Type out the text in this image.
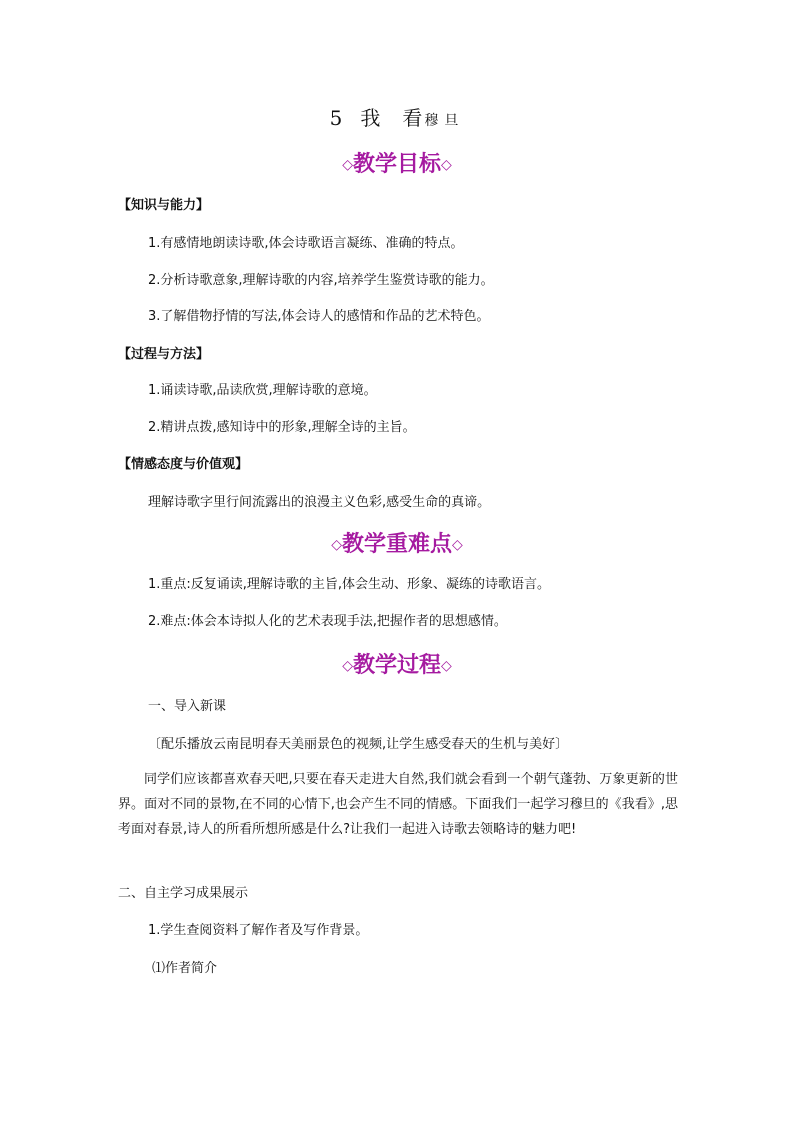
5 我 看 穆旦
◇教学目标◇
【知识与能力】
1.有感情地朗读诗歌,体会诗歌语言凝练、准确的特点。
2.分析诗歌意象,理解诗歌的内容,培养学生鉴赏诗歌的能力。
3.了解借物抒情的写法,体会诗人的感情和作品的艺术特色。
【过程与方法】
1.诵读诗歌,品读欣赏,理解诗歌的意境。
2.精讲点拨,感知诗中的形象,理解全诗的主旨。
【情感态度与价值观】
理解诗歌字里行间流露出的浪漫主义色彩,感受生命的真谛。
◇教学重难点◇
1.重点:反复诵读,理解诗歌的主旨,体会生动、形象、凝练的诗歌语言。
2.难点:体会本诗拟人化的艺术表现手法,把握作者的思想感情。
◇教学过程◇
一、导入新课
〔配乐播放云南昆明春天美丽景色的视频,让学生感受春天的生机与美好〕
同学们应该都喜欢春天吧,只要在春天走进大自然,我们就会看到一个朝气蓬勃、万象更新的世界。面对不同的景物,在不同的心情下,也会产生不同的情感。下面我们一起学习穆旦的《我看》,思考面对春景,诗人的所看所想所感是什么?让我们一起进入诗歌去领略诗的魅力吧!
二、自主学习成果展示
1.学生查阅资料了解作者及写作背景。
⑴作者简介
